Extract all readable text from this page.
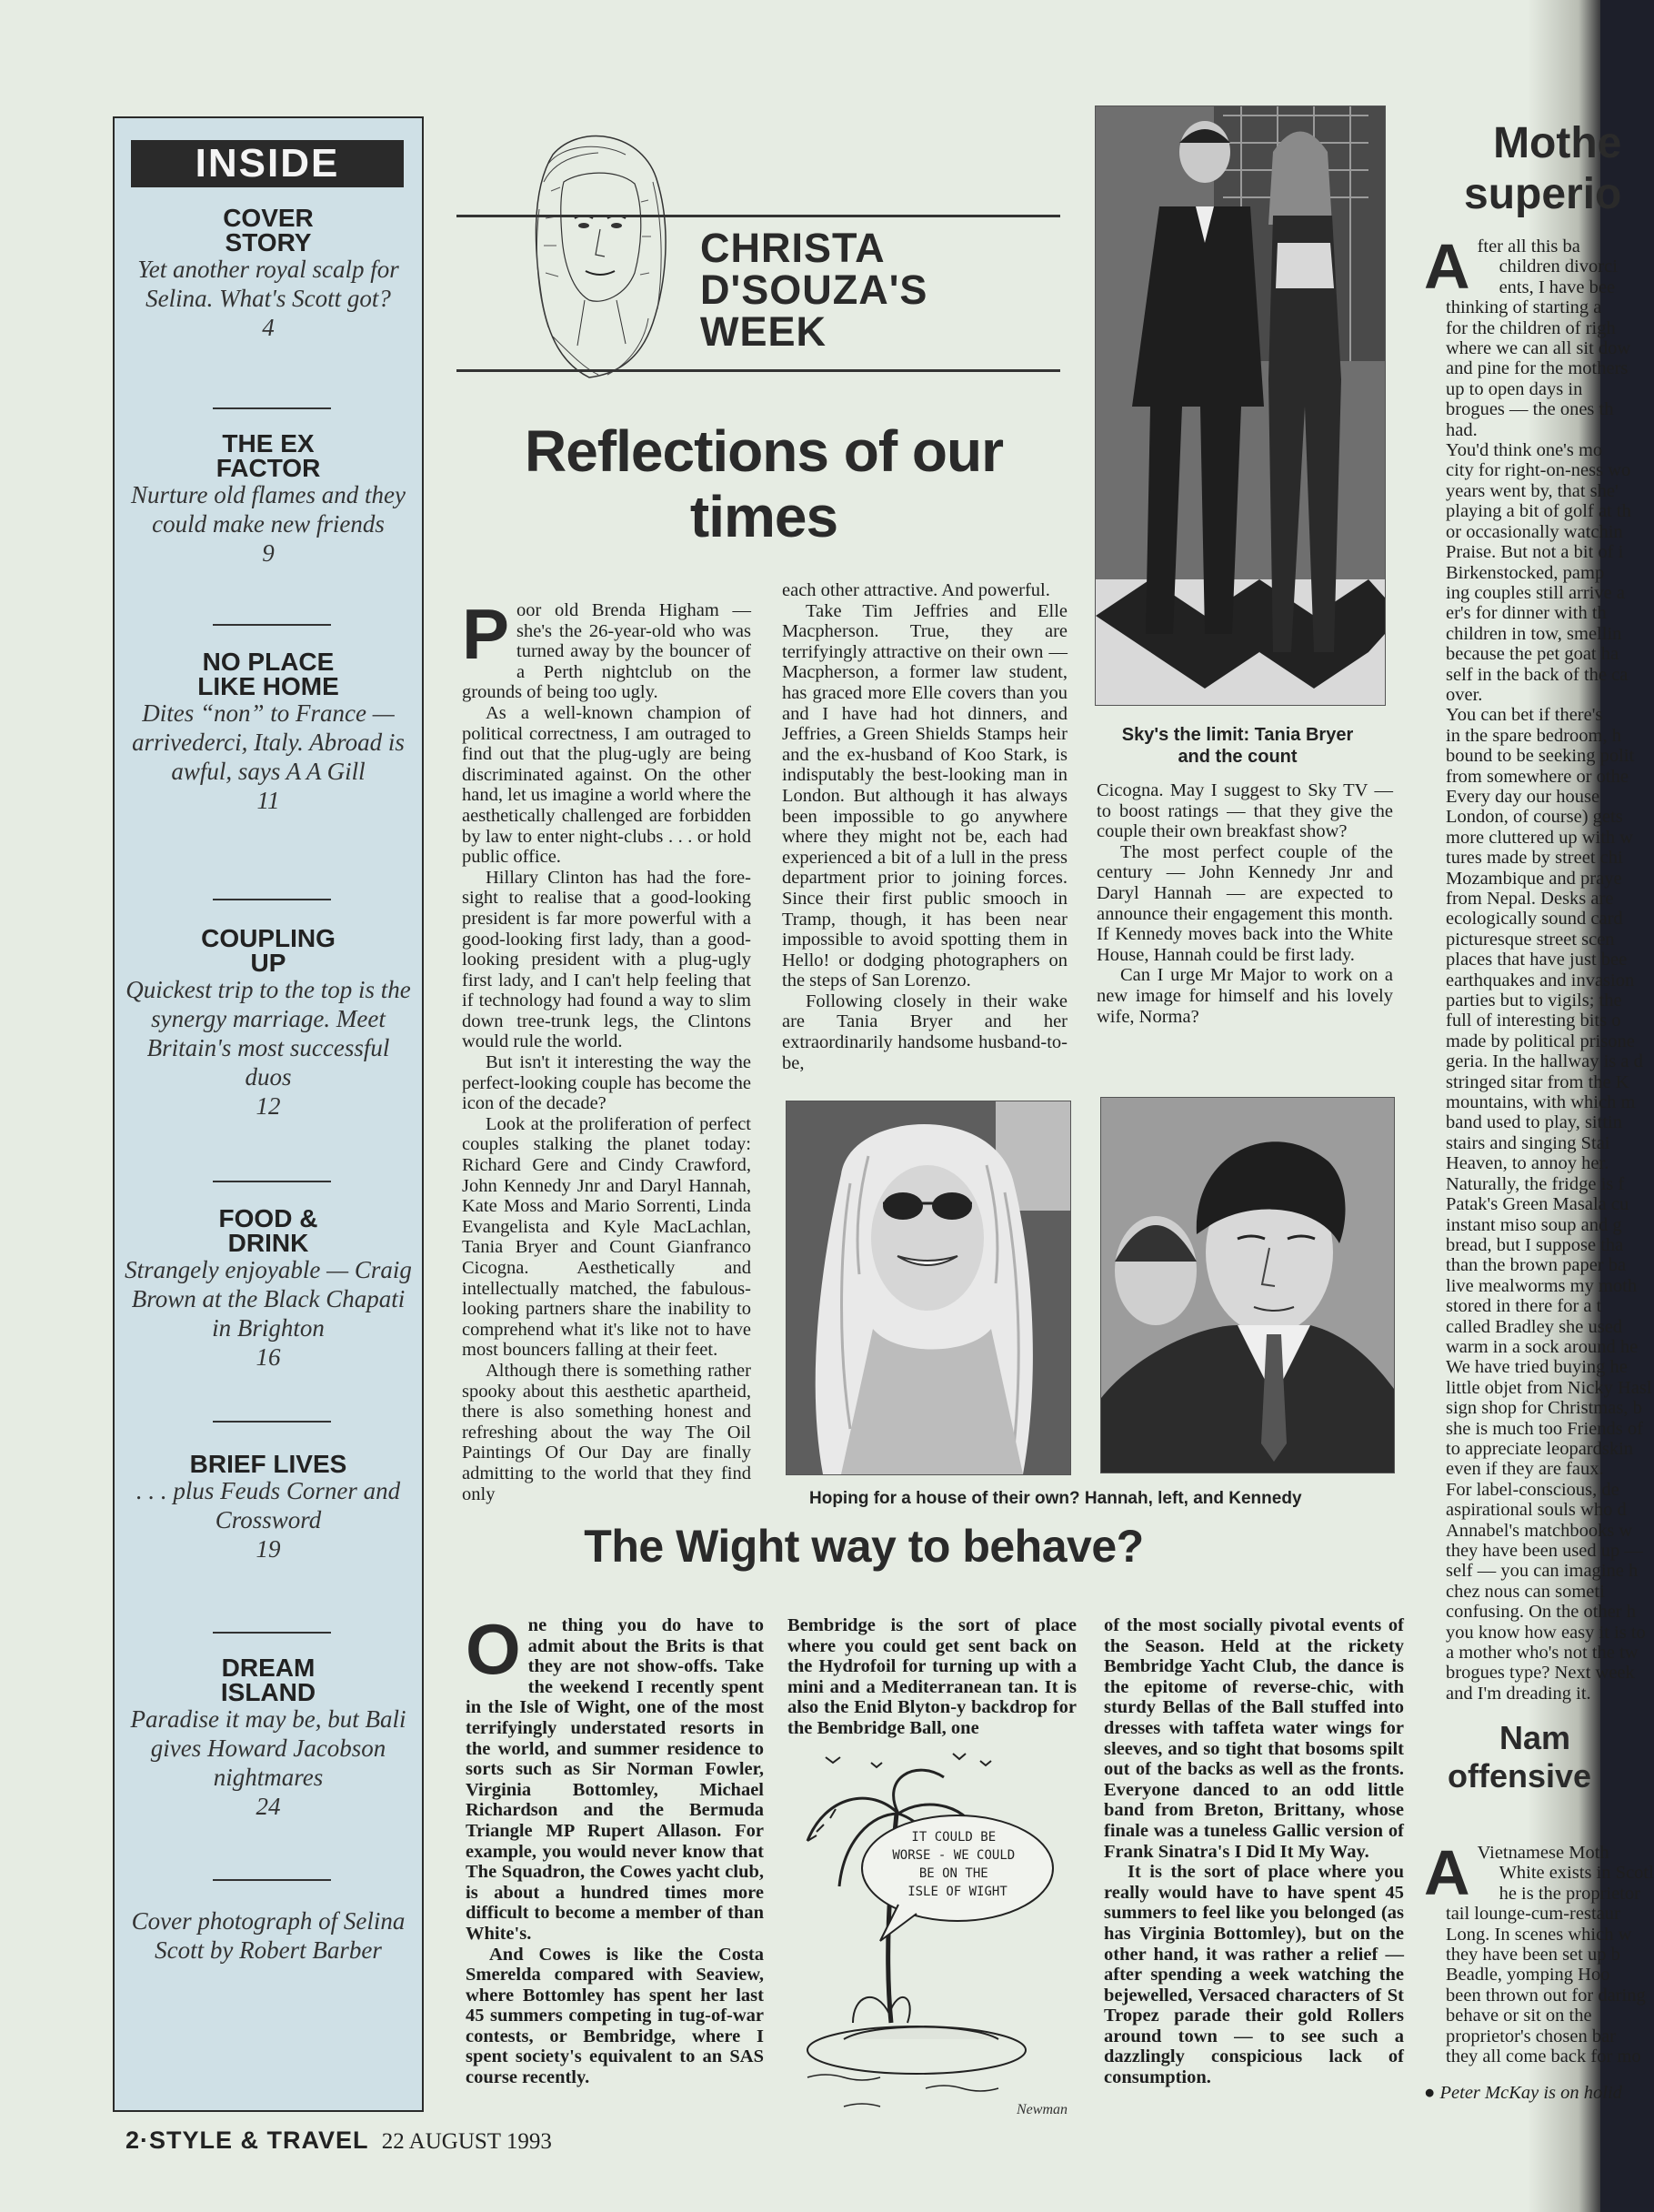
INSIDE
COVER
STORY
Yet another royal scalp for Selina. What's Scott got?
4
THE EX
FACTOR
Nurture old flames and they could make new friends
9
NO PLACE
LIKE HOME
Dites “non” to France — arrivederci, Italy. Abroad is awful, says A A Gill
11
COUPLING
UP
Quickest trip to the top is the synergy marriage. Meet Britain's most successful duos
12
FOOD &
DRINK
Strangely enjoyable — Craig Brown at the Black Chapati in Brighton
16
BRIEF LIVES
. . . plus Feuds Corner and Crossword
19
DREAM
ISLAND
Paradise it may be, but Bali gives Howard Jacobson nightmares
24
Cover photograph of Selina Scott by Robert Barber
CHRISTA
D'SOUZA'S
WEEK
Reflections of our times
Sky's the limit: Tania Bryer and the count
P oor old Brenda Higham — she's the 26-year-old who was turned away by the bouncer of a Perth nightclub on the grounds of being too ugly.

As a well-known champion of political correctness, I am outraged to find out that the plug-ugly are being discriminated against. On the other hand, let us imagine a world where the aesthetically challenged are forbidden by law to enter night-clubs . . . or hold public office.

Hillary Clinton has had the fore-sight to realise that a good-looking president is far more powerful with a good-looking first lady, than a good-looking president with a plug-ugly first lady, and I can't help feeling that if technology had found a way to slim down tree-trunk legs, the Clintons would rule the world.

But isn't it interesting the way the perfect-looking couple has become the icon of the decade?

Look at the proliferation of perfect couples stalking the planet today: Richard Gere and Cindy Crawford, John Kennedy Jnr and Daryl Hannah, Kate Moss and Mario Sorrenti, Linda Evangelista and Kyle MacLachlan, Tania Bryer and Count Gianfranco Cicogna. Aesthetically and intellectually matched, the fabulous-looking partners share the inability to comprehend what it's like not to have most bouncers falling at their feet.

Although there is something rather spooky about this aesthetic apartheid, there is also something honest and refreshing about the way The Oil Paintings Of Our Day are finally admitting to the world that they find only

each other attractive. And powerful.

Take Tim Jeffries and Elle Macpherson. True, they are terrifyingly attractive on their own — Macpherson, a former law student, has graced more Elle covers than you and I have had hot dinners, and Jeffries, a Green Shields Stamps heir and the ex-husband of Koo Stark, is indisputably the best-looking man in London. But although it has always been impossible to go anywhere where they might not be, each had experienced a bit of a lull in the press department prior to joining forces. Since their first public smooch in Tramp, though, it has been near impossible to avoid spotting them in Hello! or dodging photographers on the steps of San Lorenzo.

Following closely in their wake are Tania Bryer and her extraordinarily handsome husband-to-be,

Cicogna. May I suggest to Sky TV — to boost ratings — that they give the couple their own breakfast show?

The most perfect couple of the century — John Kennedy Jnr and Daryl Hannah — are expected to announce their engagement this month. If Kennedy moves back into the White House, Hannah could be first lady.

Can I urge Mr Major to work on a new image for himself and his lovely wife, Norma?

Hoping for a house of their own? Hannah, left, and Kennedy
The Wight way to behave?
O ne thing you do have to admit about the Brits is that they are not show-offs. Take the weekend I recently spent in the Isle of Wight, one of the most terrifyingly understated resorts in the world, and summer residence to sorts such as Sir Norman Fowler, Virginia Bottomley, Michael Richardson and the Bermuda Triangle MP Rupert Allason. For example, you would never know that The Squadron, the Cowes yacht club, is about a hundred times more difficult to become a member of than White's.

And Cowes is like the Costa Smerelda compared with Seaview, where Bottomley has spent her last 45 summers competing in tug-of-war contests, or Bembridge, where I spent society's equivalent to an SAS course recently.

Bembridge is the sort of place where you could get sent back on the Hydrofoil for turning up with a mini and a Mediterranean tan. It is also the Enid Blyton-y backdrop for the Bembridge Ball, one

of the most socially pivotal events of the Season. Held at the rickety Bembridge Yacht Club, the dance is the epitome of reverse-chic, with sturdy Bellas of the Ball stuffed into dresses with taffeta water wings for sleeves, and so tight that bosoms spilt out of the backs as well as the fronts. Everyone danced to an odd little band from Breton, Brittany, whose finale was a tuneless Gallic version of Frank Sinatra's I Did It My Way.

It is the sort of place where you really would have to have spent 45 summers to feel like you belonged (as has Virginia Bottomley), but on the other hand, it was rather a relief — after spending a week watching the bejewelled, Versaced characters of St Tropez parade their gold Rollers around town — to see such a dazzlingly conspicious lack of consumption.

IT COULD BE WORSE - WE COULD BE ON THE ISLE OF WIGHT
Newman
2·STYLE & TRAVEL 22 AUGUST 1993
Mothe
superio
A fter all this ba

children divorci

ents, I have bee

thinking of starting a

for the children of righ

where we can all sit dow

and pine for the mothers

up to open days in

brogues — the ones th

had.

You'd think one's mo

city for right-on-ness wo

years went by, that she'

playing a bit of golf at th

or occasionally watchin

Praise. But not a bit of i

Birkenstocked, pamp

ing couples still arrive a

er's for dinner with th

children in tow, smellin

because the pet goat ha

self in the back of the ca

over.

You can bet if there's

in the spare bedroom, h

bound to be seeking polit

from somewhere or othe

Every day our house

London, of course) gets

more cluttered up with w

tures made by street chi

Mozambique and praye

from Nepal. Desks are

ecologically sound card

picturesque street scen

places that have just bee

earthquakes and invasion

parties but to vigils; the

full of interesting bits o

made by political prisone

geria. In the hallway is a d

stringed sitar from the K

mountains, with which m

band used to play, sittin

stairs and singing Stai

Heaven, to annoy her.

Naturally, the fridge is f

Patak's Green Masala cu

instant miso soup and g

bread, but I suppose tha

than the brown paper ba

live mealworms my moth

stored in there for a t

called Bradley she used

warm in a sock around he

We have tried buying he

little objet from Nicky Hasl

sign shop for Christmas, b

she is much too Friends of

to appreciate leopardskin

even if they are faux.

For label-conscious, de

aspirational souls who d

Annabel's matchbooks w

they have been used up —

self — you can imagine h

chez nous can someti

confusing. On the other h

you know how easy it is to

a mother who's not the tw

brogues type? Next week

and I'm dreading it.

Nam
offensive
A Vietnamese Moth

White exists in Scotl

he is the proprietor

tail lounge-cum-restaur

Long. In scenes which w

they have been set up b

Beadle, yomping Hoo

been thrown out for daring

behave or sit on the

proprietor's chosen bar

they all come back for mo

● Peter McKay is on holid
